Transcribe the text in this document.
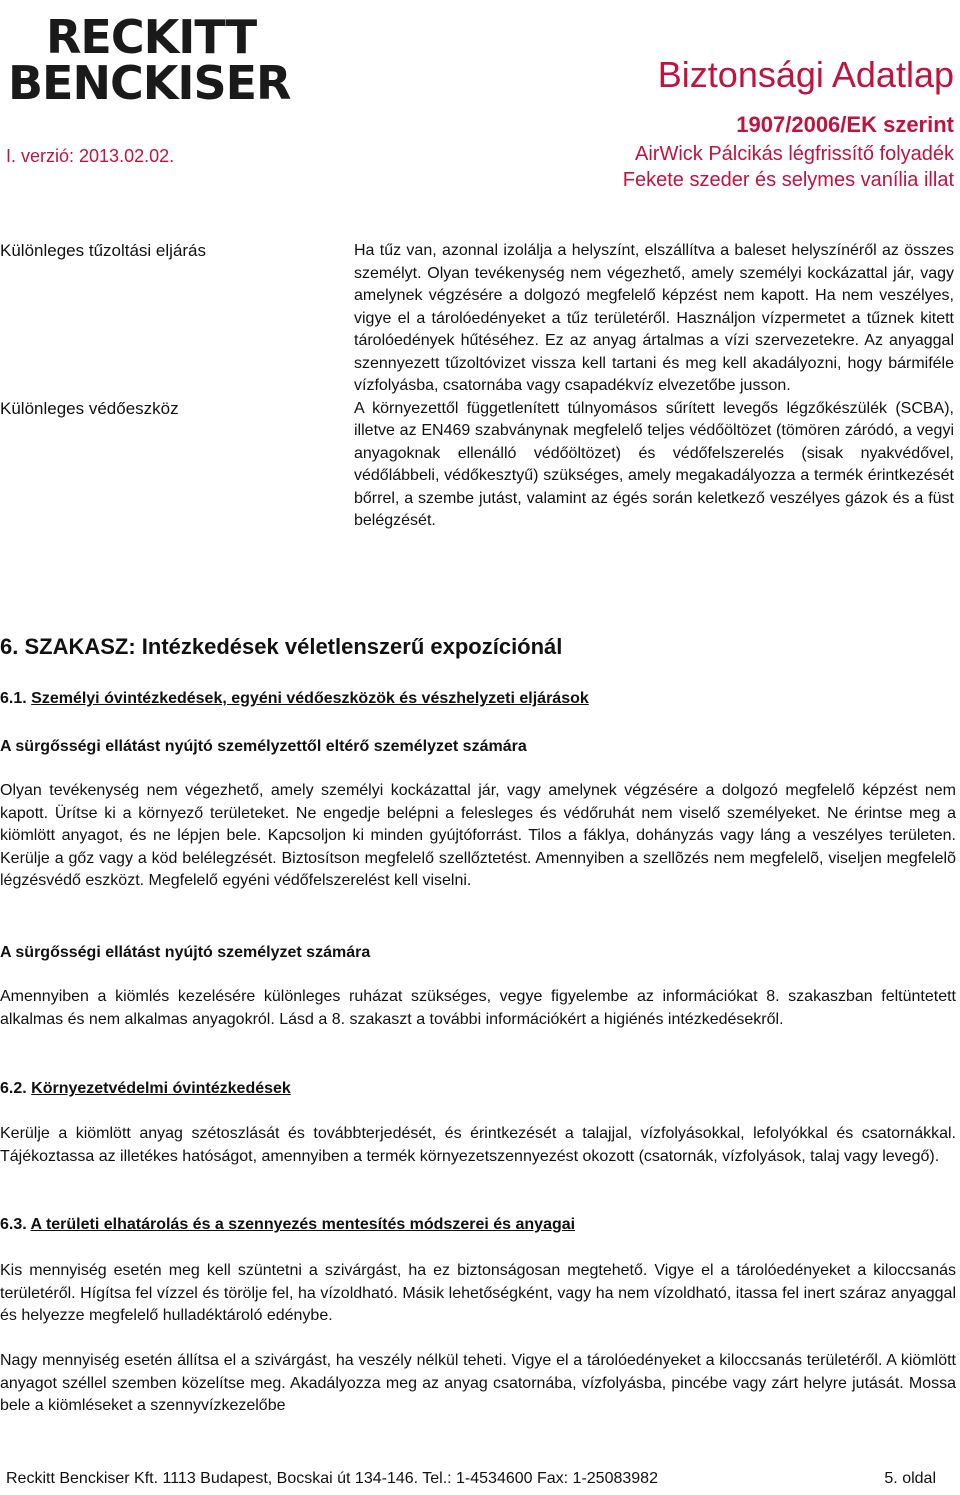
RECKITT
BENCKISER
I. verzió: 2013.02.02.
Biztonsági Adatlap
1907/2006/EK szerint
AirWick Pálcikás légfrissítő folyadék
Fekete szeder és selymes vanília illat
Különleges tűzoltási eljárás	Ha tűz van, azonnal izolálja a helyszínt, elszállítva a baleset helyszínéről az összes személyt. Olyan tevékenység nem végezhető, amely személyi kockázattal jár, vagy amelynek végzésére a dolgozó megfelelő képzést nem kapott. Ha nem veszélyes, vigye el a tárolóedényeket a tűz területéről. Használjon vízpermetet a tűznek kitett tárolóedények hűtéséhez. Ez az anyag ártalmas a vízi szervezetekre. Az anyaggal szennyezett tűzoltóvizet vissza kell tartani és meg kell akadályozni, hogy bármiféle vízfolyásba, csatornába vagy csapadékvíz elvezetőbe jusson.
Különleges védőeszköz	A környezettől függetlenített túlnyomásos sűrített levegős légzőkészülék (SCBA), illetve az EN469 szabványnak megfelelő teljes védőöltözet (tömören záródó, a vegyi anyagoknak ellenálló védőöltözet) és védőfelszerelés (sisak nyakvédővel, védőlábbeli, védőkesztyű) szükséges, amely megakadályozza a termék érintkezését bőrrel, a szembe jutást, valamint az égés során keletkező veszélyes gázok és a füst belégzését.
6. SZAKASZ: Intézkedések véletlenszerű expozíciónál
6.1. Személyi óvintézkedések, egyéni védőeszközök és vészhelyzeti eljárások
A sürgősségi ellátást nyújtó személyzettől eltérő személyzet számára
Olyan tevékenység nem végezhető, amely személyi kockázattal jár, vagy amelynek végzésére a dolgozó megfelelő képzést nem kapott. Ürítse ki a környező területeket. Ne engedje belépni a felesleges és védőruhát nem viselő személyeket. Ne érintse meg a kiömlött anyagot, és ne lépjen bele. Kapcsoljon ki minden gyújtóforrást. Tilos a fáklya, dohányzás vagy láng a veszélyes területen. Kerülje a gőz vagy a köd belélegzését. Biztosítson megfelelő szellőztetést. Amennyiben a szellõzés nem megfelelõ, viseljen megfelelõ légzésvédő eszközt. Megfelelő egyéni védőfelszerelést kell viselni.
A sürgősségi ellátást nyújtó személyzet számára
Amennyiben a kiömlés kezelésére különleges ruházat szükséges, vegye figyelembe az információkat 8. szakaszban feltüntetett alkalmas és nem alkalmas anyagokról. Lásd a 8. szakaszt a további információkért a higiénés intézkedésekről.
6.2. Környezetvédelmi óvintézkedések
Kerülje a kiömlött anyag szétoszlását és továbbterjedését, és érintkezését a talajjal, vízfolyásokkal, lefolyókkal és csatornákkal. Tájékoztassa az illetékes hatóságot, amennyiben a termék környezetszennyezést okozott (csatornák, vízfolyások, talaj vagy levegő).
6.3. A területi elhatárolás és a szennyezés mentesítés módszerei és anyagai
Kis mennyiség esetén meg kell szüntetni a szivárgást, ha ez biztonságosan megtehető. Vigye el a tárolóedényeket a kiloccsanás területéről. Hígítsa fel vízzel és törölje fel, ha vízoldható. Másik lehetőségként, vagy ha nem vízoldható, itassa fel inert száraz anyaggal és helyezze megfelelő hulladéktároló edénybe.
Nagy mennyiség esetén állítsa el a szivárgást, ha veszély nélkül teheti. Vigye el a tárolóedényeket a kiloccsanás területéről. A kiömlött anyagot széllel szemben közelítse meg. Akadályozza meg az anyag csatornába, vízfolyásba, pincébe vagy zárt helyre jutását. Mossa bele a kiömléseket a szennyvízkezelőbe
Reckitt Benckiser Kft. 1113 Budapest, Bocskai út 134-146. Tel.: 1-4534600 Fax: 1-25083982	5. oldal
